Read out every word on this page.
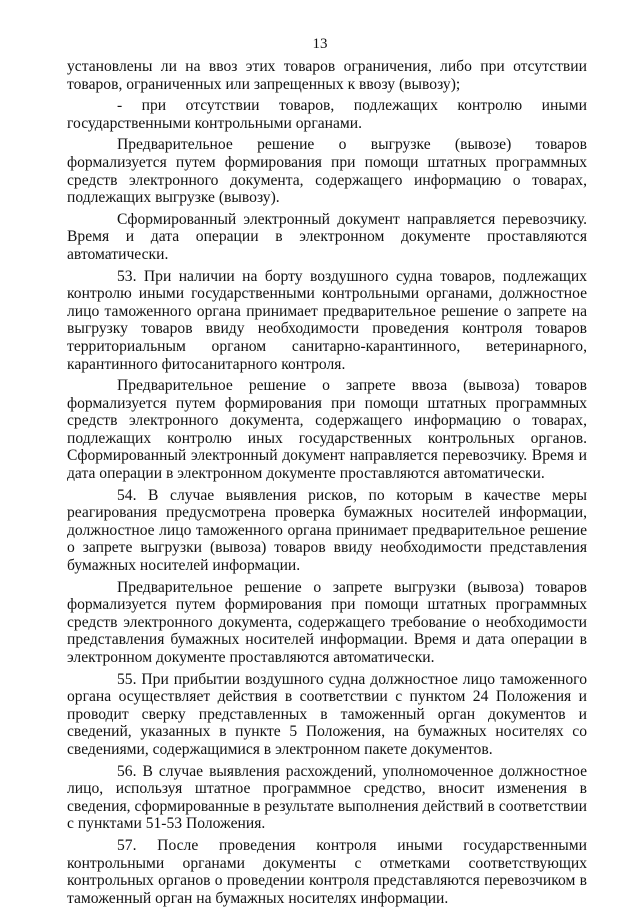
13

установлены ли на ввоз этих товаров ограничения, либо при отсутствии товаров, ограниченных или запрещенных к ввозу (вывозу);

- при отсутствии товаров, подлежащих контролю иными государственными контрольными органами.

Предварительное решение о выгрузке (вывозе) товаров формализуется путем формирования при помощи штатных программных средств электронного документа, содержащего информацию о товарах, подлежащих выгрузке (вывозу).

Сформированный электронный документ направляется перевозчику. Время и дата операции в электронном документе проставляются автоматически.

53. При наличии на борту воздушного судна товаров, подлежащих контролю иными государственными контрольными органами, должностное лицо таможенного органа принимает предварительное решение о запрете на выгрузку товаров ввиду необходимости проведения контроля товаров территориальным органом санитарно-карантинного, ветеринарного, карантинного фитосанитарного контроля.

Предварительное решение о запрете ввоза (вывоза) товаров формализуется путем формирования при помощи штатных программных средств электронного документа, содержащего информацию о товарах, подлежащих контролю иных государственных контрольных органов. Сформированный электронный документ направляется перевозчику. Время и дата операции в электронном документе проставляются автоматически.

54. В случае выявления рисков, по которым в качестве меры реагирования предусмотрена проверка бумажных носителей информации, должностное лицо таможенного органа принимает предварительное решение о запрете выгрузки (вывоза) товаров ввиду необходимости представления бумажных носителей информации.

Предварительное решение о запрете выгрузки (вывоза) товаров формализуется путем формирования при помощи штатных программных средств электронного документа, содержащего требование о необходимости представления бумажных носителей информации. Время и дата операции в электронном документе проставляются автоматически.

55. При прибытии воздушного судна должностное лицо таможенного органа осуществляет действия в соответствии с пунктом 24 Положения и проводит сверку представленных в таможенный орган документов и сведений, указанных в пункте 5 Положения, на бумажных носителях со сведениями, содержащимися в электронном пакете документов.

56. В случае выявления расхождений, уполномоченное должностное лицо, используя штатное программное средство, вносит изменения в сведения, сформированные в результате выполнения действий в соответствии с пунктами 51-53 Положения.

57. После проведения контроля иными государственными контрольными органами документы с отметками соответствующих контрольных органов о проведении контроля представляются перевозчиком в таможенный орган на бумажных носителях информации.
